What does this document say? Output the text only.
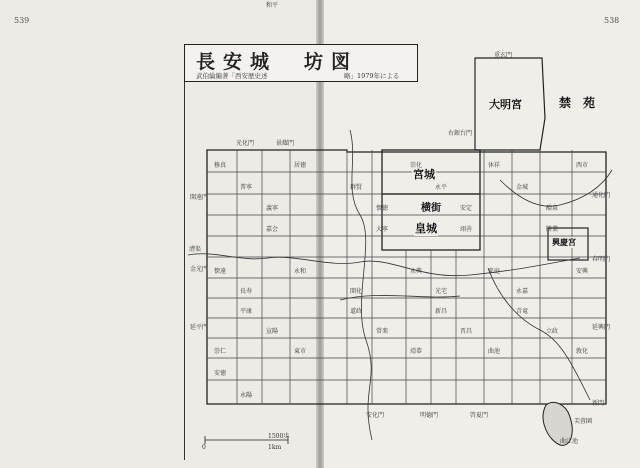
539	538
長安城　坊図
武伯綸編著「西安歴史述	略」1979年による
大明宮	禁　苑
宮城
横街
皇城
興慶宮
光化門	景耀門
開遠門
金光門
延平門
漕渠
重玄門
右銀台門
通化門
春明門
延興門
新門
安化門	明德門	啓夏門
曲江池
芙蓉園
修真
普寧
義寧
居徳
群賢
懐徳
崇化
永平
安定
休祥
金城
醴泉
西市
懐遠
長寿
嘉会
永和
開化
大寧
永興
光宅
翊善
来庭
永嘉
勝業
安興
崇仁
平康
宣陽
東市
道政
常楽
靖恭
新昌
晋昌
曲池
青竜
立政
敦化
安徳
永陽
和平
0
1500歩
1km
